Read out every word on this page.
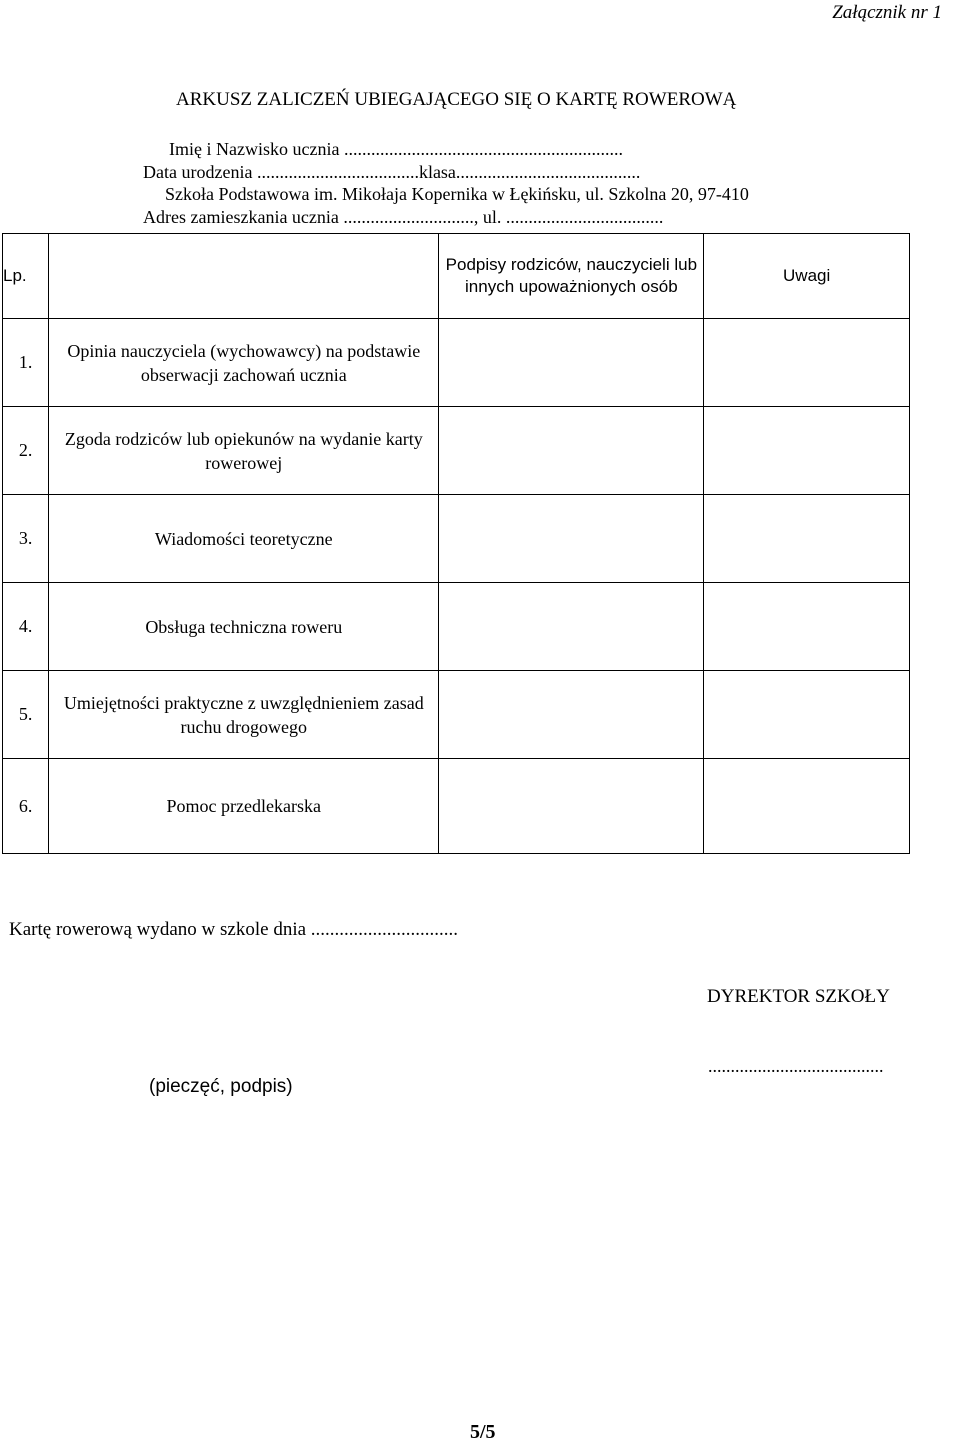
Załącznik nr 1
ARKUSZ ZALICZEŃ UBIEGAJĄCEGO SIĘ O KARTĘ ROWEROWĄ
Imię i Nazwisko ucznia ..............................................................
Data urodzenia ....................................klasa.........................................
Szkoła Podstawowa im. Mikołaja Kopernika w Łękińsku, ul. Szkolna 20, 97-410
Adres zamieszkania ucznia ............................., ul. ...................................
Lp.		Podpisy rodziców, nauczycieli lub innych upoważnionych osób	Uwagi
1.	Opinia nauczyciela (wychowawcy) na podstawie obserwacji zachowań ucznia		
2.	Zgoda rodziców lub opiekunów na wydanie karty rowerowej		
3.	Wiadomości teoretyczne		
4.	Obsługa techniczna roweru		
5.	Umiejętności praktyczne z uwzględnieniem zasad ruchu drogowego		
6.	Pomoc przedlekarska		
Kartę rowerową wydano w szkole dnia ...............................
DYREKTOR SZKOŁY
.......................................
(pieczęć, podpis)
5/5
